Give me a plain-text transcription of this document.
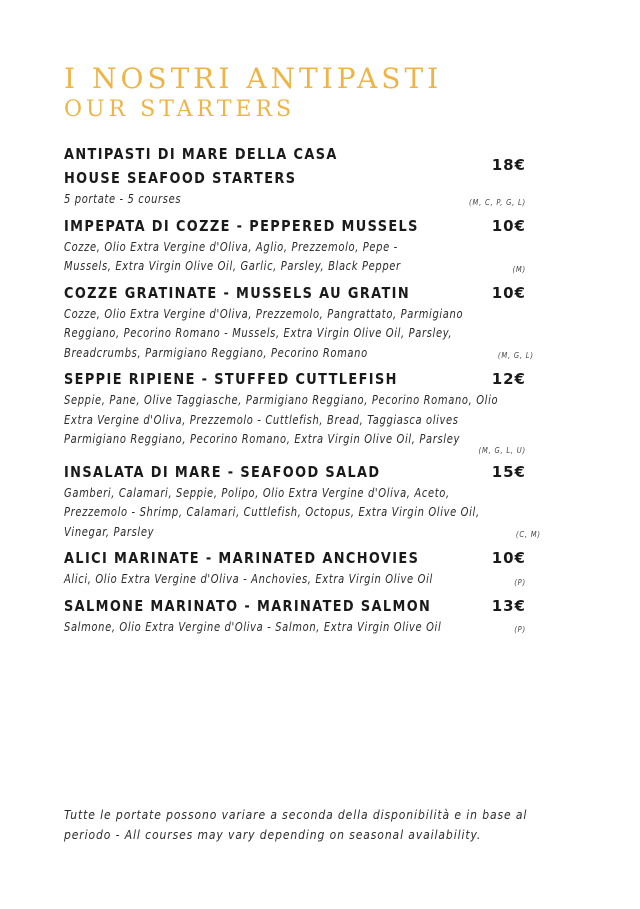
I NOSTRI ANTIPASTI
OUR STARTERS
ANTIPASTI DI MARE DELLA CASA
HOUSE SEAFOOD STARTERS
18€
5 portate - 5 courses	(M, C, P, G, L)
IMPEPATA DI COZZE - PEPPERED MUSSELS	10€
Cozze, Olio Extra Vergine d'Oliva, Aglio, Prezzemolo, Pepe -
Mussels, Extra Virgin Olive Oil, Garlic, Parsley, Black Pepper	(M)
COZZE GRATINATE - MUSSELS AU GRATIN	10€
Cozze, Olio Extra Vergine d'Oliva, Prezzemolo, Pangrattato, Parmigiano
Reggiano, Pecorino Romano - Mussels, Extra Virgin Olive Oil, Parsley,
Breadcrumbs, Parmigiano Reggiano, Pecorino Romano	(M, G, L)
SEPPIE RIPIENE - STUFFED CUTTLEFISH	12€
Seppie, Pane, Olive Taggiasche, Parmigiano Reggiano, Pecorino Romano, Olio
Extra Vergine d'Oliva, Prezzemolo - Cuttlefish, Bread, Taggiasca olives
Parmigiano Reggiano, Pecorino Romano, Extra Virgin Olive Oil, Parsley
(M, G, L, U)
INSALATA DI MARE - SEAFOOD SALAD	15€
Gamberi, Calamari, Seppie, Polipo, Olio Extra Vergine d'Oliva, Aceto,
Prezzemolo - Shrimp, Calamari, Cuttlefish, Octopus, Extra Virgin Olive Oil,
Vinegar, Parsley	(C, M)
ALICI MARINATE - MARINATED ANCHOVIES	10€
Alici, Olio Extra Vergine d'Oliva - Anchovies, Extra Virgin Olive Oil	(P)
SALMONE MARINATO - MARINATED SALMON	13€
Salmone, Olio Extra Vergine d'Oliva - Salmon, Extra Virgin Olive Oil	(P)
Tutte le portate possono variare a seconda della disponibilità e in base al
periodo - All courses may vary depending on seasonal availability.
